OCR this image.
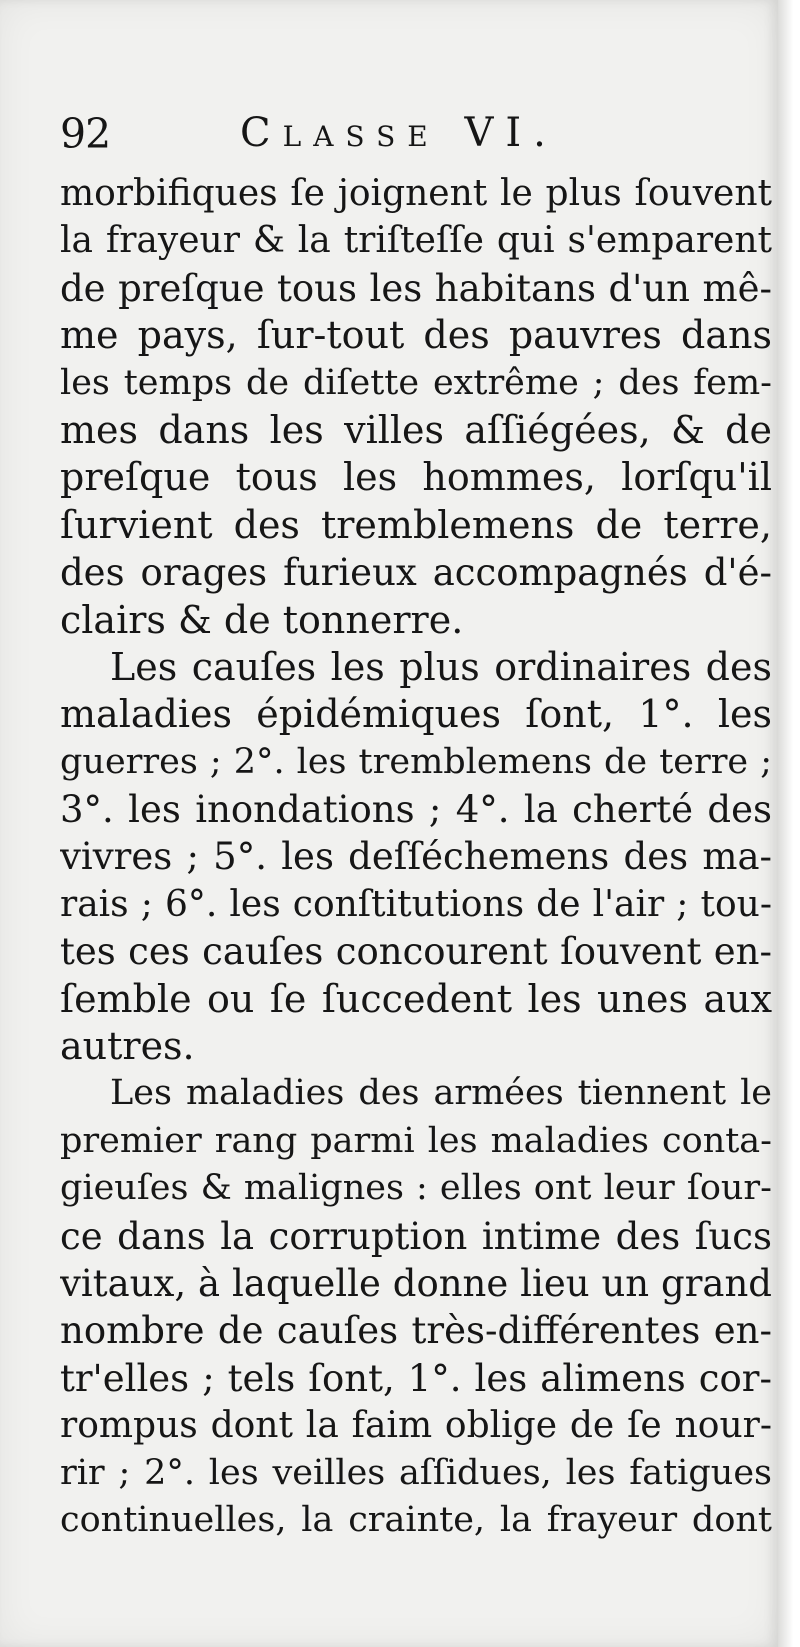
92	Classe VI.
morbifiques ſe joignent le plus ſouvent
la frayeur & la triſteſſe qui s'emparent
de preſque tous les habitans d'un mê-
me pays, ſur-tout des pauvres dans
les temps de diſette extrême ; des fem-
mes dans les villes aſſiégées, & de
preſque tous les hommes, lorſqu'il
ſurvient des tremblemens de terre,
des orages furieux accompagnés d'é-
clairs & de tonnerre.
Les cauſes les plus ordinaires des
maladies épidémiques ſont, 1°. les
guerres ; 2°. les tremblemens de terre ;
3°. les inondations ; 4°. la cherté des
vivres ; 5°. les deſſéchemens des ma-
rais ; 6°. les conſtitutions de l'air ; tou-
tes ces cauſes concourent ſouvent en-
ſemble ou ſe ſuccedent les unes aux
autres.
Les maladies des armées tiennent le
premier rang parmi les maladies conta-
gieuſes & malignes : elles ont leur ſour-
ce dans la corruption intime des ſucs
vitaux, à laquelle donne lieu un grand
nombre de cauſes très-différentes en-
tr'elles ; tels ſont, 1°. les alimens cor-
rompus dont la faim oblige de ſe nour-
rir ; 2°. les veilles aſſidues, les fatigues
continuelles, la crainte, la frayeur dont
